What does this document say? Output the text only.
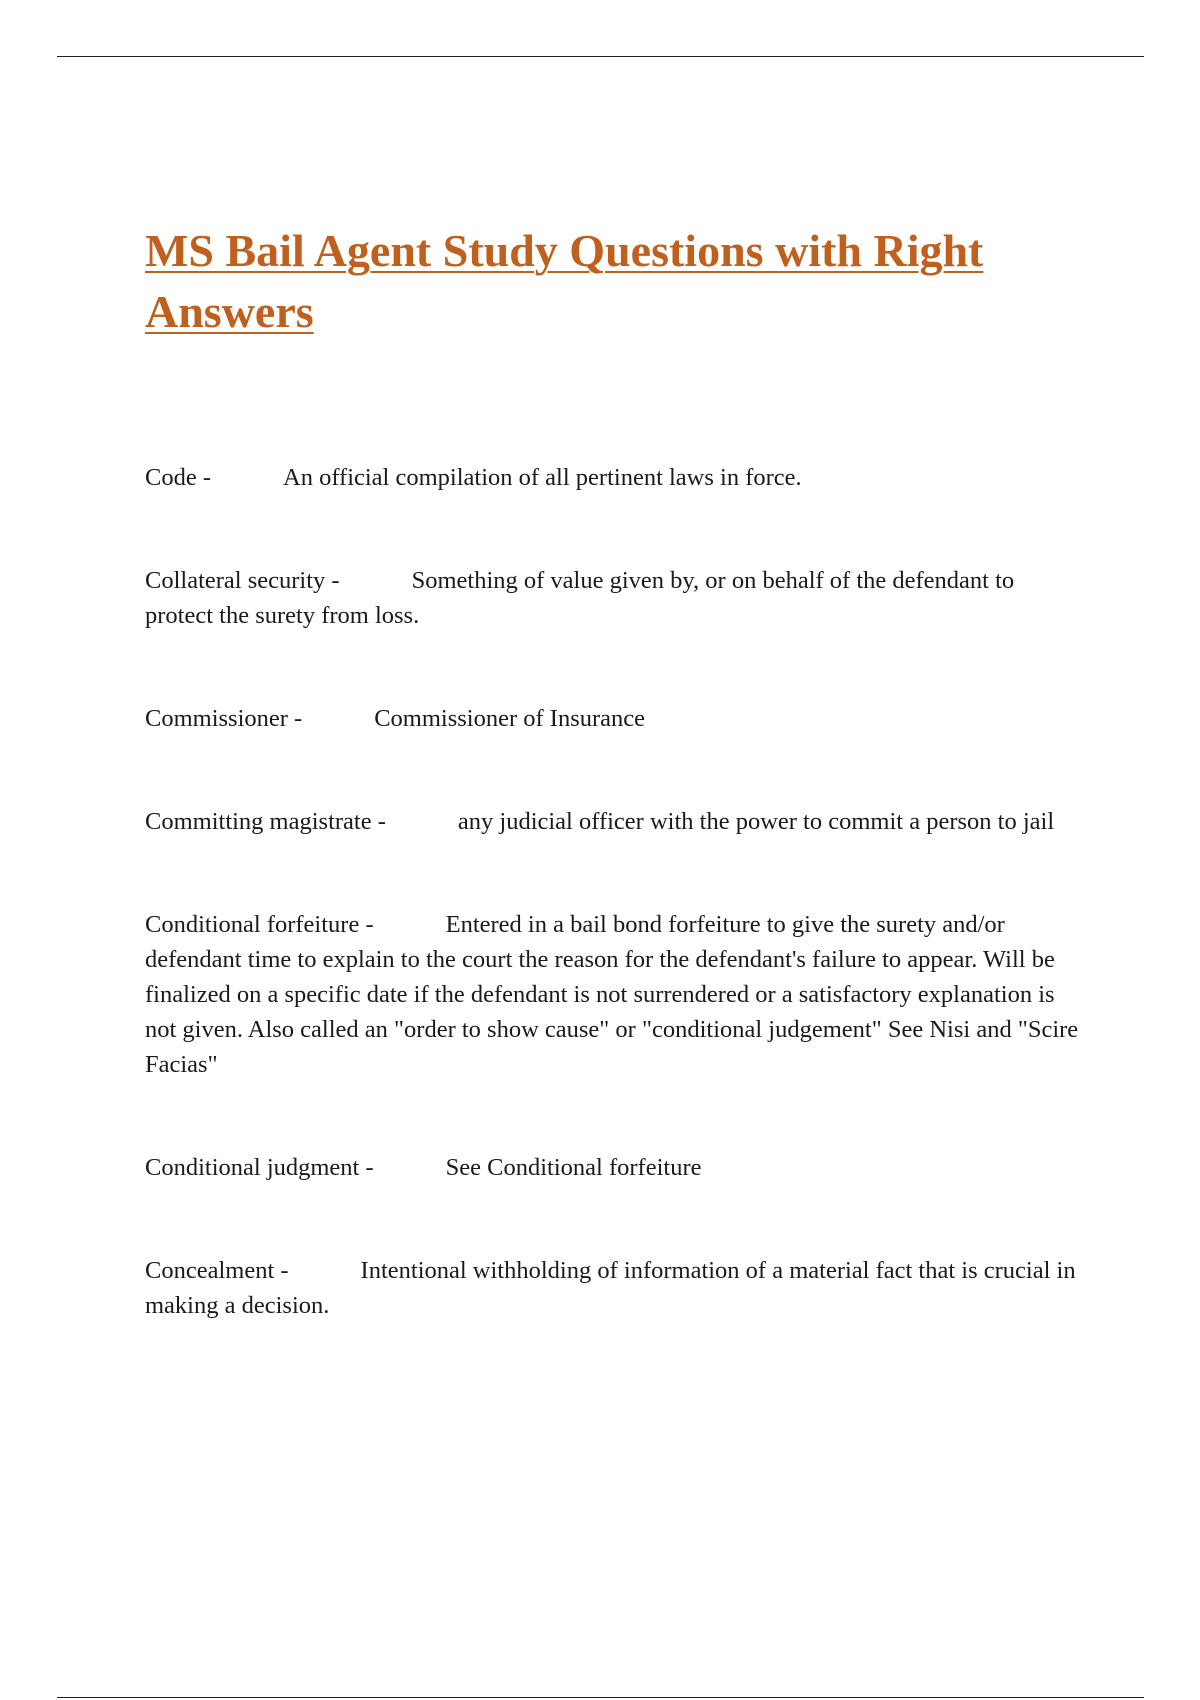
MS Bail Agent Study Questions with Right Answers

Code -	An official compilation of all pertinent laws in force.

Collateral security -	Something of value given by, or on behalf of the defendant to protect the surety from loss.

Commissioner -	Commissioner of Insurance

Committing magistrate -	any judicial officer with the power to commit a person to jail

Conditional forfeiture -	Entered in a bail bond forfeiture to give the surety and/or defendant time to explain to the court the reason for the defendant's failure to appear. Will be finalized on a specific date if the defendant is not surrendered or a satisfactory explanation is not given. Also called an "order to show cause" or "conditional judgement" See Nisi and "Scire Facias"

Conditional judgment -	See Conditional forfeiture

Concealment -	Intentional withholding of information of a material fact that is crucial in making a decision.
